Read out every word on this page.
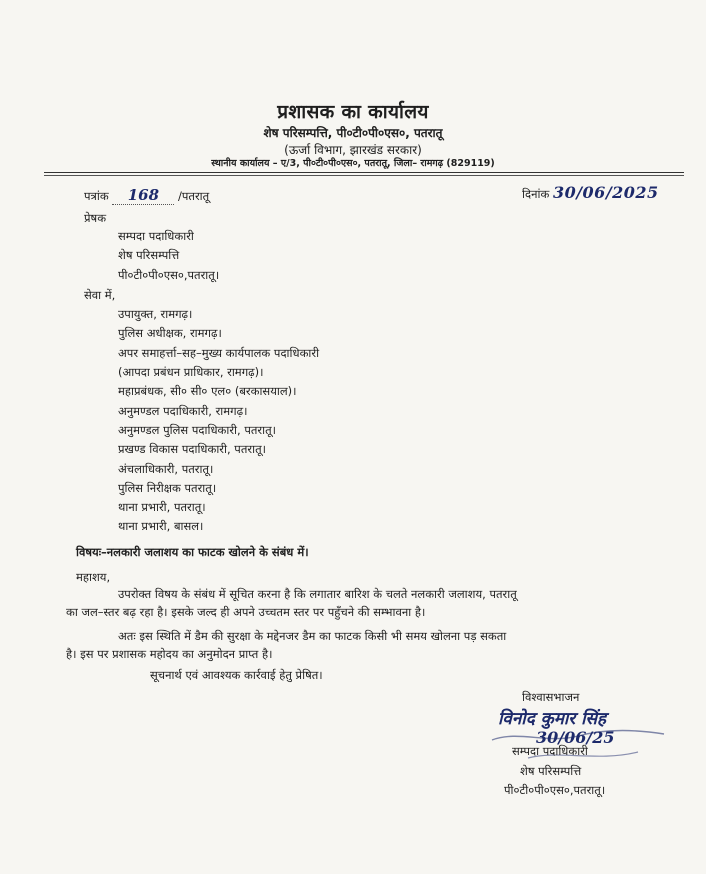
प्रशासक का कार्यालय
शेष परिसम्पत्ति, पी०टी०पी०एस०, पतरातू
(ऊर्जा विभाग, झारखंड सरकार)
स्थानीय कार्यालय – ए/3, पी०टी०पी०एस०, पतरातू, जिला– रामगढ़ (829119)
पत्रांक 168 /पतरातू	दिनांक 30/06/2025
प्रेषक
सम्पदा पदाधिकारी
शेष परिसम्पत्ति
पी०टी०पी०एस०,पतरातू।
सेवा में,
उपायुक्त, रामगढ़।
पुलिस अधीक्षक, रामगढ़।
अपर समाहर्त्ता–सह–मुख्य कार्यपालक पदाधिकारी
(आपदा प्रबंधन प्राधिकार, रामगढ़)।
महाप्रबंधक, सी० सी० एल० (बरकासयाल)।
अनुमण्डल पदाधिकारी, रामगढ़।
अनुमण्डल पुलिस पदाधिकारी, पतरातू।
प्रखण्ड विकास पदाधिकारी, पतरातू।
अंचलाधिकारी, पतरातू।
पुलिस निरीक्षक पतरातू।
थाना प्रभारी, पतरातू।
थाना प्रभारी, बासल।
विषयः–नलकारी जलाशय का फाटक खोलने के संबंध में।
महाशय,
उपरोक्त विषय के संबंध में सूचित करना है कि लगातार बारिश के चलते नलकारी जलाशय, पतरातू
का जल–स्तर बढ़ रहा है। इसके जल्द ही अपने उच्चतम स्तर पर पहुँचने की सम्भावना है।
अतः इस स्थिति में डैम की सुरक्षा के मद्देनजर डैम का फाटक किसी भी समय खोलना पड़ सकता
है। इस पर प्रशासक महोदय का अनुमोदन प्राप्त है।
सूचनार्थ एवं आवश्यक कार्रवाई हेतु प्रेषित।
विश्वासभाजन
विनोद कुमार सिंह
30/06/25
सम्पदा पदाधिकारी
शेष परिसम्पत्ति
पी०टी०पी०एस०,पतरातू।
